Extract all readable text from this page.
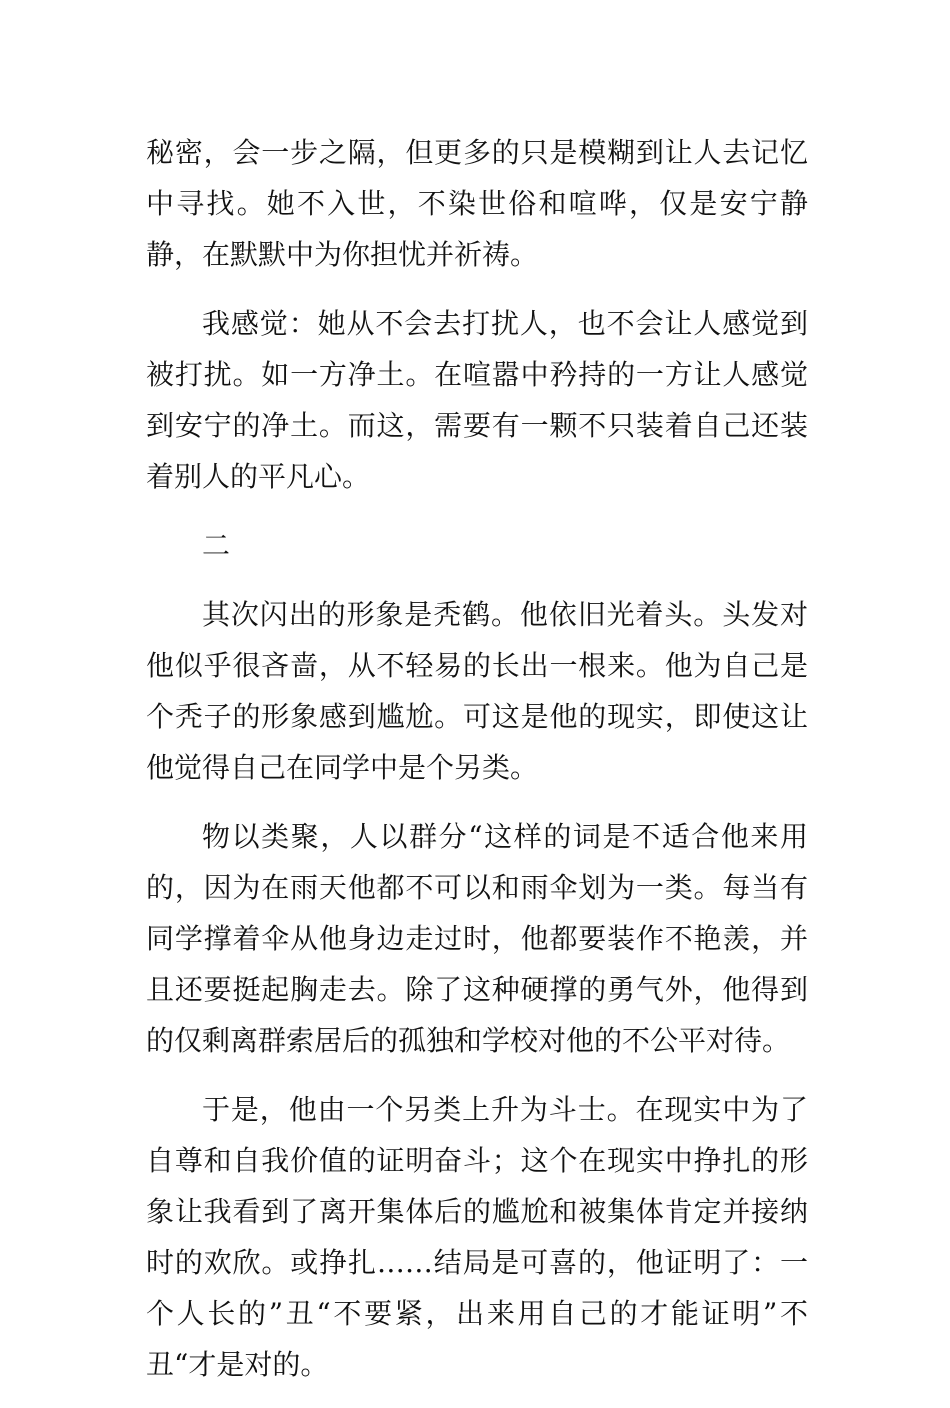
秘密，会一步之隔，但更多的只是模糊到让人去记忆中寻找。她不入世，不染世俗和喧哗，仅是安宁静静，在默默中为你担忧并祈祷。

我感觉：她从不会去打扰人，也不会让人感觉到被打扰。如一方净土。在喧嚣中矜持的一方让人感觉到安宁的净土。而这，需要有一颗不只装着自己还装着别人的平凡心。

二

其次闪出的形象是秃鹤。他依旧光着头。头发对他似乎很吝啬，从不轻易的长出一根来。他为自己是个秃子的形象感到尴尬。可这是他的现实，即使这让他觉得自己在同学中是个另类。

物以类聚，人以群分“这样的词是不适合他来用的，因为在雨天他都不可以和雨伞划为一类。每当有同学撑着伞从他身边走过时，他都要装作不艳羡，并且还要挺起胸走去。除了这种硬撑的勇气外，他得到的仅剩离群索居后的孤独和学校对他的不公平对待。

于是，他由一个另类上升为斗士。在现实中为了自尊和自我价值的证明奋斗；这个在现实中挣扎的形象让我看到了离开集体后的尴尬和被集体肯定并接纳时的欢欣。或挣扎……结局是可喜的，他证明了：一个人长的”丑“不要紧，出来用自己的才能证明”不丑“才是对的。
